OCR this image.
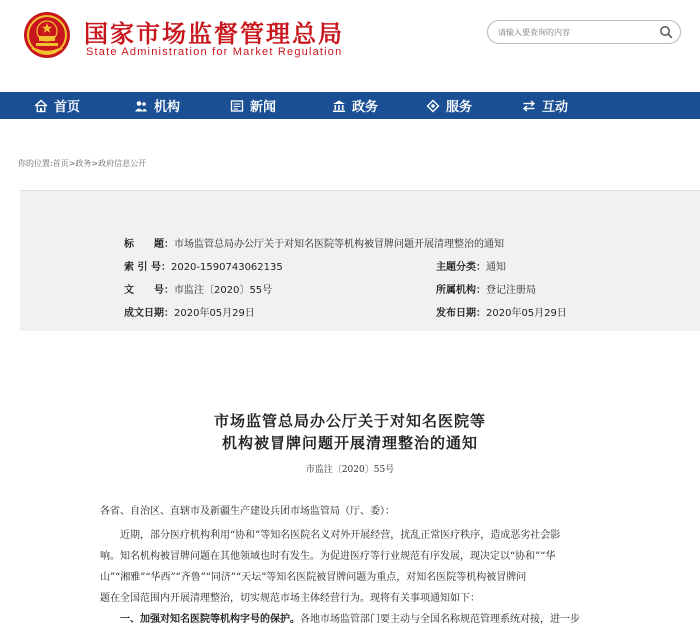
国家市场监督管理总局
State Administration for Market Regulation
请输入要查询的内容
首页	机构	新闻	政务	服务	互动
你的位置:首页>政务>政府信息公开
标　　题：市场监管总局办公厅关于对知名医院等机构被冒牌问题开展清理整治的通知
索 引 号：2020-1590743062135	主题分类：通知
文　　号：市监注〔2020〕55号	所属机构：登记注册局
成文日期：2020年05月29日	发布日期：2020年05月29日
市场监管总局办公厅关于对知名医院等
机构被冒牌问题开展清理整治的通知
市监注〔2020〕55号
各省、自治区、直辖市及新疆生产建设兵团市场监管局（厅、委）：
近期，部分医疗机构利用“协和”等知名医院名义对外开展经营，扰乱正常医疗秩序，造成恶劣社会影
响。知名机构被冒牌问题在其他领域也时有发生。为促进医疗等行业规范有序发展，现决定以“协和”“华
山”“湘雅”“华西”“齐鲁”“同济”“天坛”等知名医院被冒牌问题为重点，对知名医院等机构被冒牌问
题在全国范围内开展清理整治，切实规范市场主体经营行为。现将有关事项通知如下：
一、加强对知名医院等机构字号的保护。各地市场监管部门要主动与全国名称规范管理系统对接，进一步
